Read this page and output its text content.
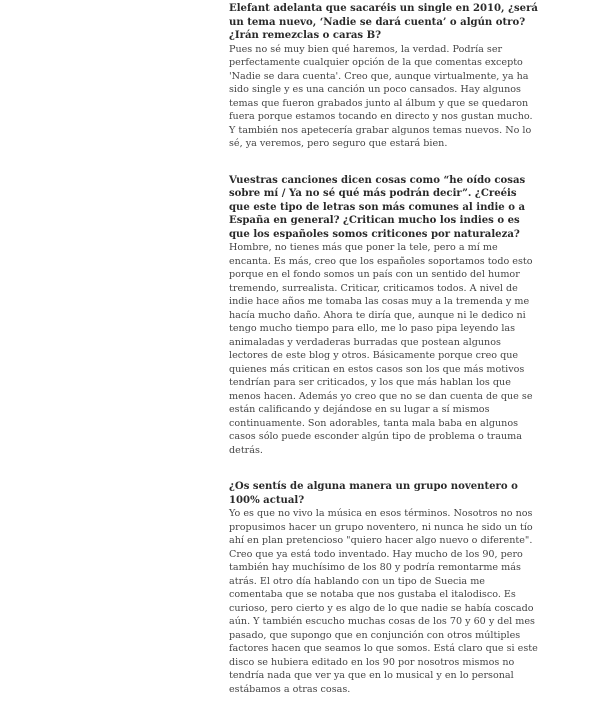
Elefant adelanta que sacaréis un single en 2010, ¿será un tema nuevo, ‘Nadie se dará cuenta’ o algún otro? ¿Irán remezclas o caras B?

Pues no sé muy bien qué haremos, la verdad. Podría ser perfectamente cualquier opción de la que comentas excepto 'Nadie se dara cuenta'. Creo que, aunque virtualmente, ya ha sido single y es una canción un poco cansados. Hay algunos temas que fueron grabados junto al álbum y que se quedaron fuera porque estamos tocando en directo y nos gustan mucho. Y también nos apetecería grabar algunos temas nuevos. No lo sé, ya veremos, pero seguro que estará bien.

Vuestras canciones dicen cosas como “he oído cosas sobre mí / Ya no sé qué más podrán decir”. ¿Creéis que este tipo de letras son más comunes al indie o a España en general? ¿Critican mucho los indies o es que los españoles somos criticones por naturaleza?

Hombre, no tienes más que poner la tele, pero a mí me encanta. Es más, creo que los españoles soportamos todo esto porque en el fondo somos un país con un sentido del humor tremendo, surrealista. Criticar, criticamos todos. A nivel de indie hace años me tomaba las cosas muy a la tremenda y me hacía mucho daño. Ahora te diría que, aunque ni le dedico ni tengo mucho tiempo para ello, me lo paso pipa leyendo las animaladas y verdaderas burradas que postean algunos lectores de este blog y otros. Básicamente porque creo que quienes más critican en estos casos son los que más motivos tendrían para ser criticados, y los que más hablan los que menos hacen. Además yo creo que no se dan cuenta de que se están calificando y dejándose en su lugar a sí mismos continuamente. Son adorables, tanta mala baba en algunos casos sólo puede esconder algún tipo de problema o trauma detrás.

¿Os sentís de alguna manera un grupo noventero o 100% actual?

Yo es que no vivo la música en esos términos. Nosotros no nos propusimos hacer un grupo noventero, ni nunca he sido un tío ahí en plan pretencioso "quiero hacer algo nuevo o diferente". Creo que ya está todo inventado. Hay mucho de los 90, pero también hay muchísimo de los 80 y podría remontarme más atrás. El otro día hablando con un tipo de Suecia me comentaba que se notaba que nos gustaba el italodisco. Es curioso, pero cierto y es algo de lo que nadie se había coscado aún. Y también escucho muchas cosas de los 70 y 60 y del mes pasado, que supongo que en conjunción con otros múltiples factores hacen que seamos lo que somos. Está claro que si este disco se hubiera editado en los 90 por nosotros mismos no tendría nada que ver ya que en lo musical y en lo personal estábamos a otras cosas.
